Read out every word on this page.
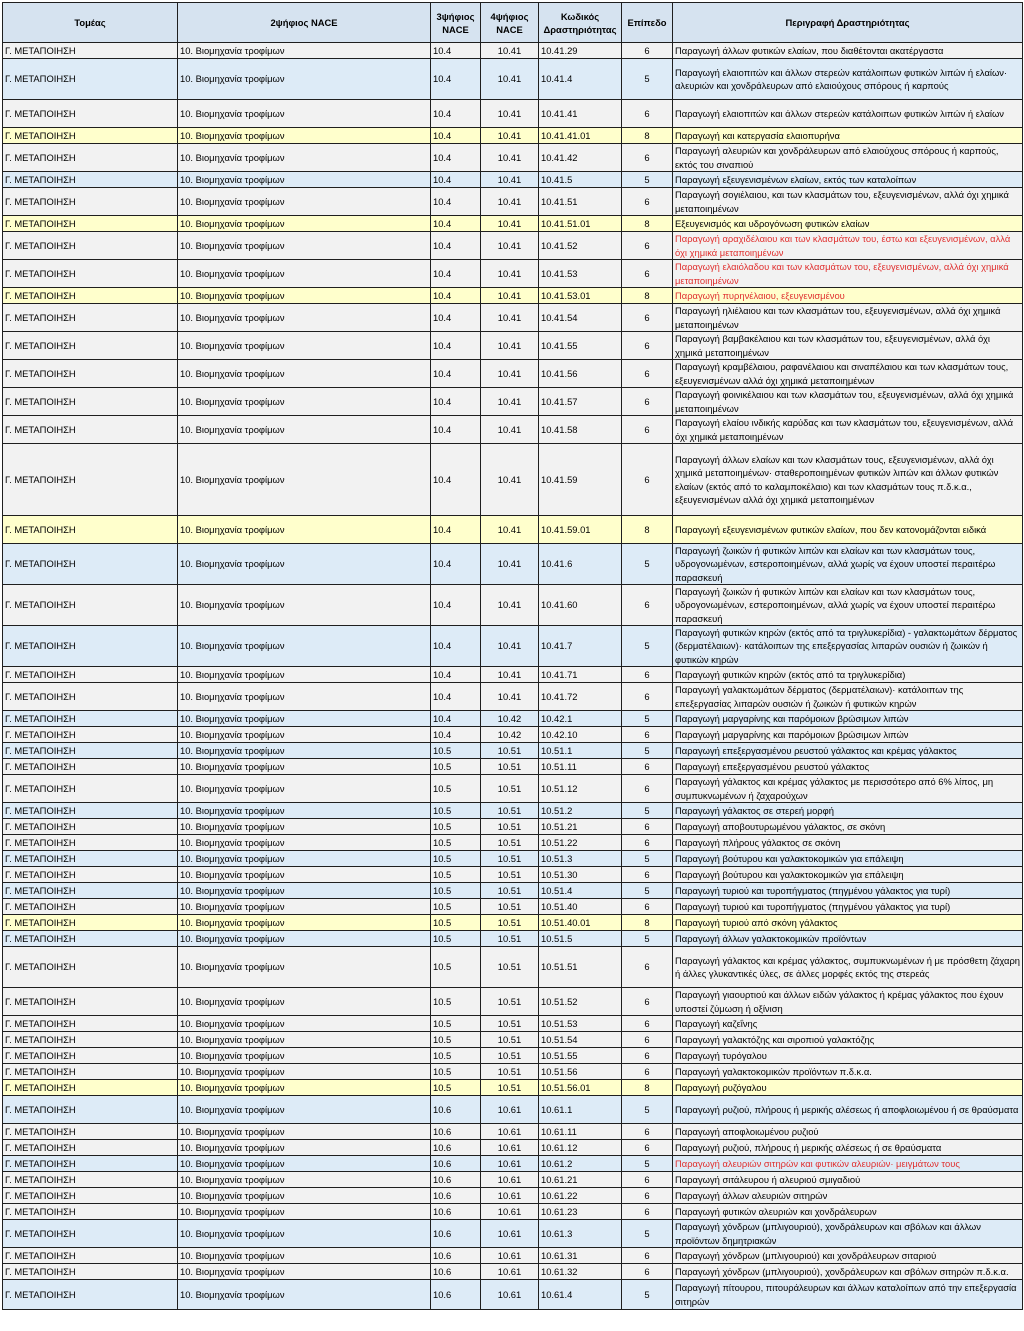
Τομέας	2ψήφιος NACE	3ψήφιος NACE	4ψήφιος NACE	Κωδικός Δραστηριότητας	Επίπεδο	Περιγραφή Δραστηριότητας
Γ. ΜΕΤΑΠΟΙΗΣΗ	10. Βιομηχανία τροφίμων	10.4	10.41	10.41.29	6	Παραγωγή άλλων φυτικών ελαίων, που διαθέτονται ακατέργαστα
Γ. ΜΕΤΑΠΟΙΗΣΗ	10. Βιομηχανία τροφίμων	10.4	10.41	10.41.4	5	Παραγωγή ελαιοπιτών και άλλων στερεών κατάλοιπων φυτικών λιπών ή ελαίων· αλευριών και χονδράλευρων από ελαιούχους σπόρους ή καρπούς
Γ. ΜΕΤΑΠΟΙΗΣΗ	10. Βιομηχανία τροφίμων	10.4	10.41	10.41.41	6	Παραγωγή ελαιοπιτών και άλλων στερεών κατάλοιπων φυτικών λιπών ή ελαίων
Γ. ΜΕΤΑΠΟΙΗΣΗ	10. Βιομηχανία τροφίμων	10.4	10.41	10.41.41.01	8	Παραγωγή και κατεργασία ελαιοπυρήνα
Γ. ΜΕΤΑΠΟΙΗΣΗ	10. Βιομηχανία τροφίμων	10.4	10.41	10.41.42	6	Παραγωγή αλευριών και χονδράλευρων από ελαιούχους σπόρους ή καρπούς, εκτός του σιναπιού
Γ. ΜΕΤΑΠΟΙΗΣΗ	10. Βιομηχανία τροφίμων	10.4	10.41	10.41.5	5	Παραγωγή εξευγενισμένων ελαίων, εκτός των καταλοίπων
Γ. ΜΕΤΑΠΟΙΗΣΗ	10. Βιομηχανία τροφίμων	10.4	10.41	10.41.51	6	Παραγωγή σογιέλαιου, και των κλασμάτων του, εξευγενισμένων, αλλά όχι χημικά μεταποιημένων
Γ. ΜΕΤΑΠΟΙΗΣΗ	10. Βιομηχανία τροφίμων	10.4	10.41	10.41.51.01	8	Εξευγενισμός και υδρογόνωση φυτικών ελαίων
Γ. ΜΕΤΑΠΟΙΗΣΗ	10. Βιομηχανία τροφίμων	10.4	10.41	10.41.52	6	Παραγωγή αραχιδέλαιου και των κλασμάτων του, έστω και εξευγενισμένων, αλλά όχι χημικά μεταποιημένων
Γ. ΜΕΤΑΠΟΙΗΣΗ	10. Βιομηχανία τροφίμων	10.4	10.41	10.41.53	6	Παραγωγή ελαιόλαδου και των κλασμάτων του, εξευγενισμένων, αλλά όχι χημικά μεταποιημένων
Γ. ΜΕΤΑΠΟΙΗΣΗ	10. Βιομηχανία τροφίμων	10.4	10.41	10.41.53.01	8	Παραγωγή πυρηνέλαιου, εξευγενισμένου
Γ. ΜΕΤΑΠΟΙΗΣΗ	10. Βιομηχανία τροφίμων	10.4	10.41	10.41.54	6	Παραγωγή ηλιέλαιου και των κλασμάτων του, εξευγενισμένων, αλλά όχι χημικά μεταποιημένων
Γ. ΜΕΤΑΠΟΙΗΣΗ	10. Βιομηχανία τροφίμων	10.4	10.41	10.41.55	6	Παραγωγή βαμβακέλαιου και των κλασμάτων του, εξευγενισμένων, αλλά όχι χημικά μεταποιημένων
Γ. ΜΕΤΑΠΟΙΗΣΗ	10. Βιομηχανία τροφίμων	10.4	10.41	10.41.56	6	Παραγωγή κραμβέλαιου, ραφανέλαιου και σιναπέλαιου και των κλασμάτων τους, εξευγενισμένων αλλά όχι χημικά μεταποιημένων
Γ. ΜΕΤΑΠΟΙΗΣΗ	10. Βιομηχανία τροφίμων	10.4	10.41	10.41.57	6	Παραγωγή φοινικέλαιου και των κλασμάτων του, εξευγενισμένων, αλλά όχι χημικά μεταποιημένων
Γ. ΜΕΤΑΠΟΙΗΣΗ	10. Βιομηχανία τροφίμων	10.4	10.41	10.41.58	6	Παραγωγή ελαίου ινδικής καρύδας και των κλασμάτων του, εξευγενισμένων, αλλά όχι χημικά μεταποιημένων
Γ. ΜΕΤΑΠΟΙΗΣΗ	10. Βιομηχανία τροφίμων	10.4	10.41	10.41.59	6	Παραγωγή άλλων ελαίων και των κλασμάτων τους, εξευγενισμένων, αλλά όχι χημικά μεταποιημένων· σταθεροποιημένων φυτικών λιπών και άλλων φυτικών ελαίων (εκτός από το καλαμποκέλαιο) και των κλασμάτων τους π.δ.κ.α., εξευγενισμένων αλλά όχι χημικά μεταποιημένων
Γ. ΜΕΤΑΠΟΙΗΣΗ	10. Βιομηχανία τροφίμων	10.4	10.41	10.41.59.01	8	Παραγωγή εξευγενισμένων φυτικών ελαίων, που δεν κατονομάζονται ειδικά
Γ. ΜΕΤΑΠΟΙΗΣΗ	10. Βιομηχανία τροφίμων	10.4	10.41	10.41.6	5	Παραγωγή ζωικών ή φυτικών λιπών και ελαίων και των κλασμάτων τους, υδρογονωμένων, εστεροποιημένων, αλλά χωρίς να έχουν υποστεί περαιτέρω παρασκευή
Γ. ΜΕΤΑΠΟΙΗΣΗ	10. Βιομηχανία τροφίμων	10.4	10.41	10.41.60	6	Παραγωγή ζωικών ή φυτικών λιπών και ελαίων και των κλασμάτων τους, υδρογονωμένων, εστεροποιημένων, αλλά χωρίς να έχουν υποστεί περαιτέρω παρασκευή
Γ. ΜΕΤΑΠΟΙΗΣΗ	10. Βιομηχανία τροφίμων	10.4	10.41	10.41.7	5	Παραγωγή φυτικών κηρών (εκτός από τα τριγλυκερίδια) - γαλακτωμάτων δέρματος (δερματέλαιων)· κατάλοιπων της επεξεργασίας λιπαρών ουσιών ή ζωικών ή φυτικών κηρών
Γ. ΜΕΤΑΠΟΙΗΣΗ	10. Βιομηχανία τροφίμων	10.4	10.41	10.41.71	6	Παραγωγή φυτικών κηρών (εκτός από τα τριγλυκερίδια)
Γ. ΜΕΤΑΠΟΙΗΣΗ	10. Βιομηχανία τροφίμων	10.4	10.41	10.41.72	6	Παραγωγή γαλακτωμάτων δέρματος (δερματέλαιων)· κατάλοιπων της επεξεργασίας λιπαρών ουσιών ή ζωικών ή φυτικών κηρών
Γ. ΜΕΤΑΠΟΙΗΣΗ	10. Βιομηχανία τροφίμων	10.4	10.42	10.42.1	5	Παραγωγή μαργαρίνης και παρόμοιων βρώσιμων λιπών
Γ. ΜΕΤΑΠΟΙΗΣΗ	10. Βιομηχανία τροφίμων	10.4	10.42	10.42.10	6	Παραγωγή μαργαρίνης και παρόμοιων βρώσιμων λιπών
Γ. ΜΕΤΑΠΟΙΗΣΗ	10. Βιομηχανία τροφίμων	10.5	10.51	10.51.1	5	Παραγωγή επεξεργασμένου ρευστού γάλακτος και κρέμας γάλακτος
Γ. ΜΕΤΑΠΟΙΗΣΗ	10. Βιομηχανία τροφίμων	10.5	10.51	10.51.11	6	Παραγωγή επεξεργασμένου ρευστού γάλακτος
Γ. ΜΕΤΑΠΟΙΗΣΗ	10. Βιομηχανία τροφίμων	10.5	10.51	10.51.12	6	Παραγωγή γάλακτος και κρέμας γάλακτος με περισσότερο από 6% λίπος, μη συμπυκνωμένων ή ζαχαρούχων
Γ. ΜΕΤΑΠΟΙΗΣΗ	10. Βιομηχανία τροφίμων	10.5	10.51	10.51.2	5	Παραγωγή γάλακτος σε στερεή μορφή
Γ. ΜΕΤΑΠΟΙΗΣΗ	10. Βιομηχανία τροφίμων	10.5	10.51	10.51.21	6	Παραγωγή αποβουτυρωμένου γάλακτος, σε σκόνη
Γ. ΜΕΤΑΠΟΙΗΣΗ	10. Βιομηχανία τροφίμων	10.5	10.51	10.51.22	6	Παραγωγή πλήρους γάλακτος σε σκόνη
Γ. ΜΕΤΑΠΟΙΗΣΗ	10. Βιομηχανία τροφίμων	10.5	10.51	10.51.3	5	Παραγωγή βούτυρου και γαλακτοκομικών για επάλειψη
Γ. ΜΕΤΑΠΟΙΗΣΗ	10. Βιομηχανία τροφίμων	10.5	10.51	10.51.30	6	Παραγωγή βούτυρου και γαλακτοκομικών για επάλειψη
Γ. ΜΕΤΑΠΟΙΗΣΗ	10. Βιομηχανία τροφίμων	10.5	10.51	10.51.4	5	Παραγωγή τυριού και τυροπήγματος (πηγμένου γάλακτος για τυρί)
Γ. ΜΕΤΑΠΟΙΗΣΗ	10. Βιομηχανία τροφίμων	10.5	10.51	10.51.40	6	Παραγωγή τυριού και τυροπήγματος (πηγμένου γάλακτος για τυρί)
Γ. ΜΕΤΑΠΟΙΗΣΗ	10. Βιομηχανία τροφίμων	10.5	10.51	10.51.40.01	8	Παραγωγή τυριού από σκόνη γάλακτος
Γ. ΜΕΤΑΠΟΙΗΣΗ	10. Βιομηχανία τροφίμων	10.5	10.51	10.51.5	5	Παραγωγή άλλων γαλακτοκομικών προϊόντων
Γ. ΜΕΤΑΠΟΙΗΣΗ	10. Βιομηχανία τροφίμων	10.5	10.51	10.51.51	6	Παραγωγή γάλακτος και κρέμας γάλακτος, συμπυκνωμένων ή με πρόσθετη ζάχαρη ή άλλες γλυκαντικές ύλες, σε άλλες μορφές εκτός της στερεάς
Γ. ΜΕΤΑΠΟΙΗΣΗ	10. Βιομηχανία τροφίμων	10.5	10.51	10.51.52	6	Παραγωγή γιαουρτιού και άλλων ειδών γάλακτος ή κρέμας γάλακτος που έχουν υποστεί ζύμωση ή οξίνιση
Γ. ΜΕΤΑΠΟΙΗΣΗ	10. Βιομηχανία τροφίμων	10.5	10.51	10.51.53	6	Παραγωγή καζεΐνης
Γ. ΜΕΤΑΠΟΙΗΣΗ	10. Βιομηχανία τροφίμων	10.5	10.51	10.51.54	6	Παραγωγή γαλακτόζης και σιροπιού γαλακτόζης
Γ. ΜΕΤΑΠΟΙΗΣΗ	10. Βιομηχανία τροφίμων	10.5	10.51	10.51.55	6	Παραγωγή τυρόγαλου
Γ. ΜΕΤΑΠΟΙΗΣΗ	10. Βιομηχανία τροφίμων	10.5	10.51	10.51.56	6	Παραγωγή γαλακτοκομικών προϊόντων π.δ.κ.α.
Γ. ΜΕΤΑΠΟΙΗΣΗ	10. Βιομηχανία τροφίμων	10.5	10.51	10.51.56.01	8	Παραγωγή ρυζόγαλου
Γ. ΜΕΤΑΠΟΙΗΣΗ	10. Βιομηχανία τροφίμων	10.6	10.61	10.61.1	5	Παραγωγή ρυζιού, πλήρους ή μερικής αλέσεως ή αποφλοιωμένου ή σε θραύσματα
Γ. ΜΕΤΑΠΟΙΗΣΗ	10. Βιομηχανία τροφίμων	10.6	10.61	10.61.11	6	Παραγωγή αποφλοιωμένου ρυζιού
Γ. ΜΕΤΑΠΟΙΗΣΗ	10. Βιομηχανία τροφίμων	10.6	10.61	10.61.12	6	Παραγωγή ρυζιού, πλήρους ή μερικής αλέσεως ή σε θραύσματα
Γ. ΜΕΤΑΠΟΙΗΣΗ	10. Βιομηχανία τροφίμων	10.6	10.61	10.61.2	5	Παραγωγή αλευριών σιτηρών και φυτικών αλευριών· μειγμάτων τους
Γ. ΜΕΤΑΠΟΙΗΣΗ	10. Βιομηχανία τροφίμων	10.6	10.61	10.61.21	6	Παραγωγή σιτάλευρου ή αλευριού σμιγαδιού
Γ. ΜΕΤΑΠΟΙΗΣΗ	10. Βιομηχανία τροφίμων	10.6	10.61	10.61.22	6	Παραγωγή άλλων αλευριών σιτηρών
Γ. ΜΕΤΑΠΟΙΗΣΗ	10. Βιομηχανία τροφίμων	10.6	10.61	10.61.23	6	Παραγωγή φυτικών αλευριών και χονδράλευρων
Γ. ΜΕΤΑΠΟΙΗΣΗ	10. Βιομηχανία τροφίμων	10.6	10.61	10.61.3	5	Παραγωγή χόνδρων (μπλιγουριού), χονδράλευρων και σβόλων και άλλων προϊόντων δημητριακών
Γ. ΜΕΤΑΠΟΙΗΣΗ	10. Βιομηχανία τροφίμων	10.6	10.61	10.61.31	6	Παραγωγή χόνδρων (μπλιγουριού) και χονδράλευρων σιταριού
Γ. ΜΕΤΑΠΟΙΗΣΗ	10. Βιομηχανία τροφίμων	10.6	10.61	10.61.32	6	Παραγωγή χόνδρων (μπλιγουριού), χονδράλευρων και σβόλων σιτηρών π.δ.κ.α.
Γ. ΜΕΤΑΠΟΙΗΣΗ	10. Βιομηχανία τροφίμων	10.6	10.61	10.61.4	5	Παραγωγή πίτουρου, πιτουράλευρων και άλλων καταλοίπων από την επεξεργασία σιτηρών
